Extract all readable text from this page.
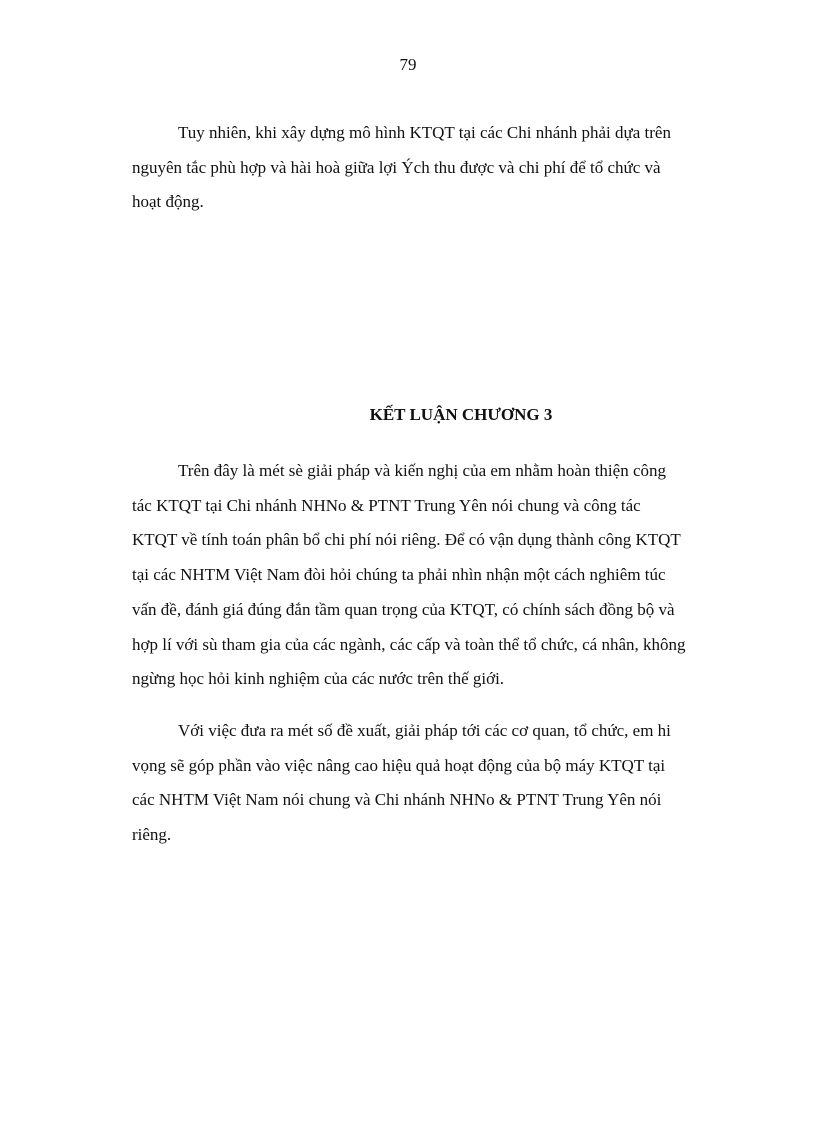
79

Tuy nhiên, khi xây dựng mô hình KTQT tại các Chi nhánh phải dựa trên
nguyên tắc phù hợp và hài hoà giữa lợi Ých thu được và chi phí để tổ chức và
hoạt động.

KẾT LUẬN CHƯƠNG 3

Trên đây là mét sè giải pháp và kiến nghị của em nhằm hoàn thiện công
tác KTQT tại Chi nhánh NHNo & PTNT Trung Yên nói chung và công tác
KTQT về tính toán phân bổ chi phí nói riêng. Để có vận dụng thành công KTQT
tại các NHTM Việt Nam đòi hỏi chúng ta phải nhìn nhận một cách nghiêm túc
vấn đề, đánh giá đúng đắn tầm quan trọng của KTQT, có chính sách đồng bộ và
hợp lí với sù tham gia của các ngành, các cấp và toàn thể tổ chức, cá nhân, không
ngừng học hỏi kinh nghiệm của các nước trên thế giới.

Với việc đưa ra mét số đề xuất, giải pháp tới các cơ quan, tổ chức, em hi
vọng sẽ góp phần vào việc nâng cao hiệu quả hoạt động của bộ máy KTQT tại
các NHTM Việt Nam nói chung và Chi nhánh NHNo & PTNT Trung Yên nói
riêng.
